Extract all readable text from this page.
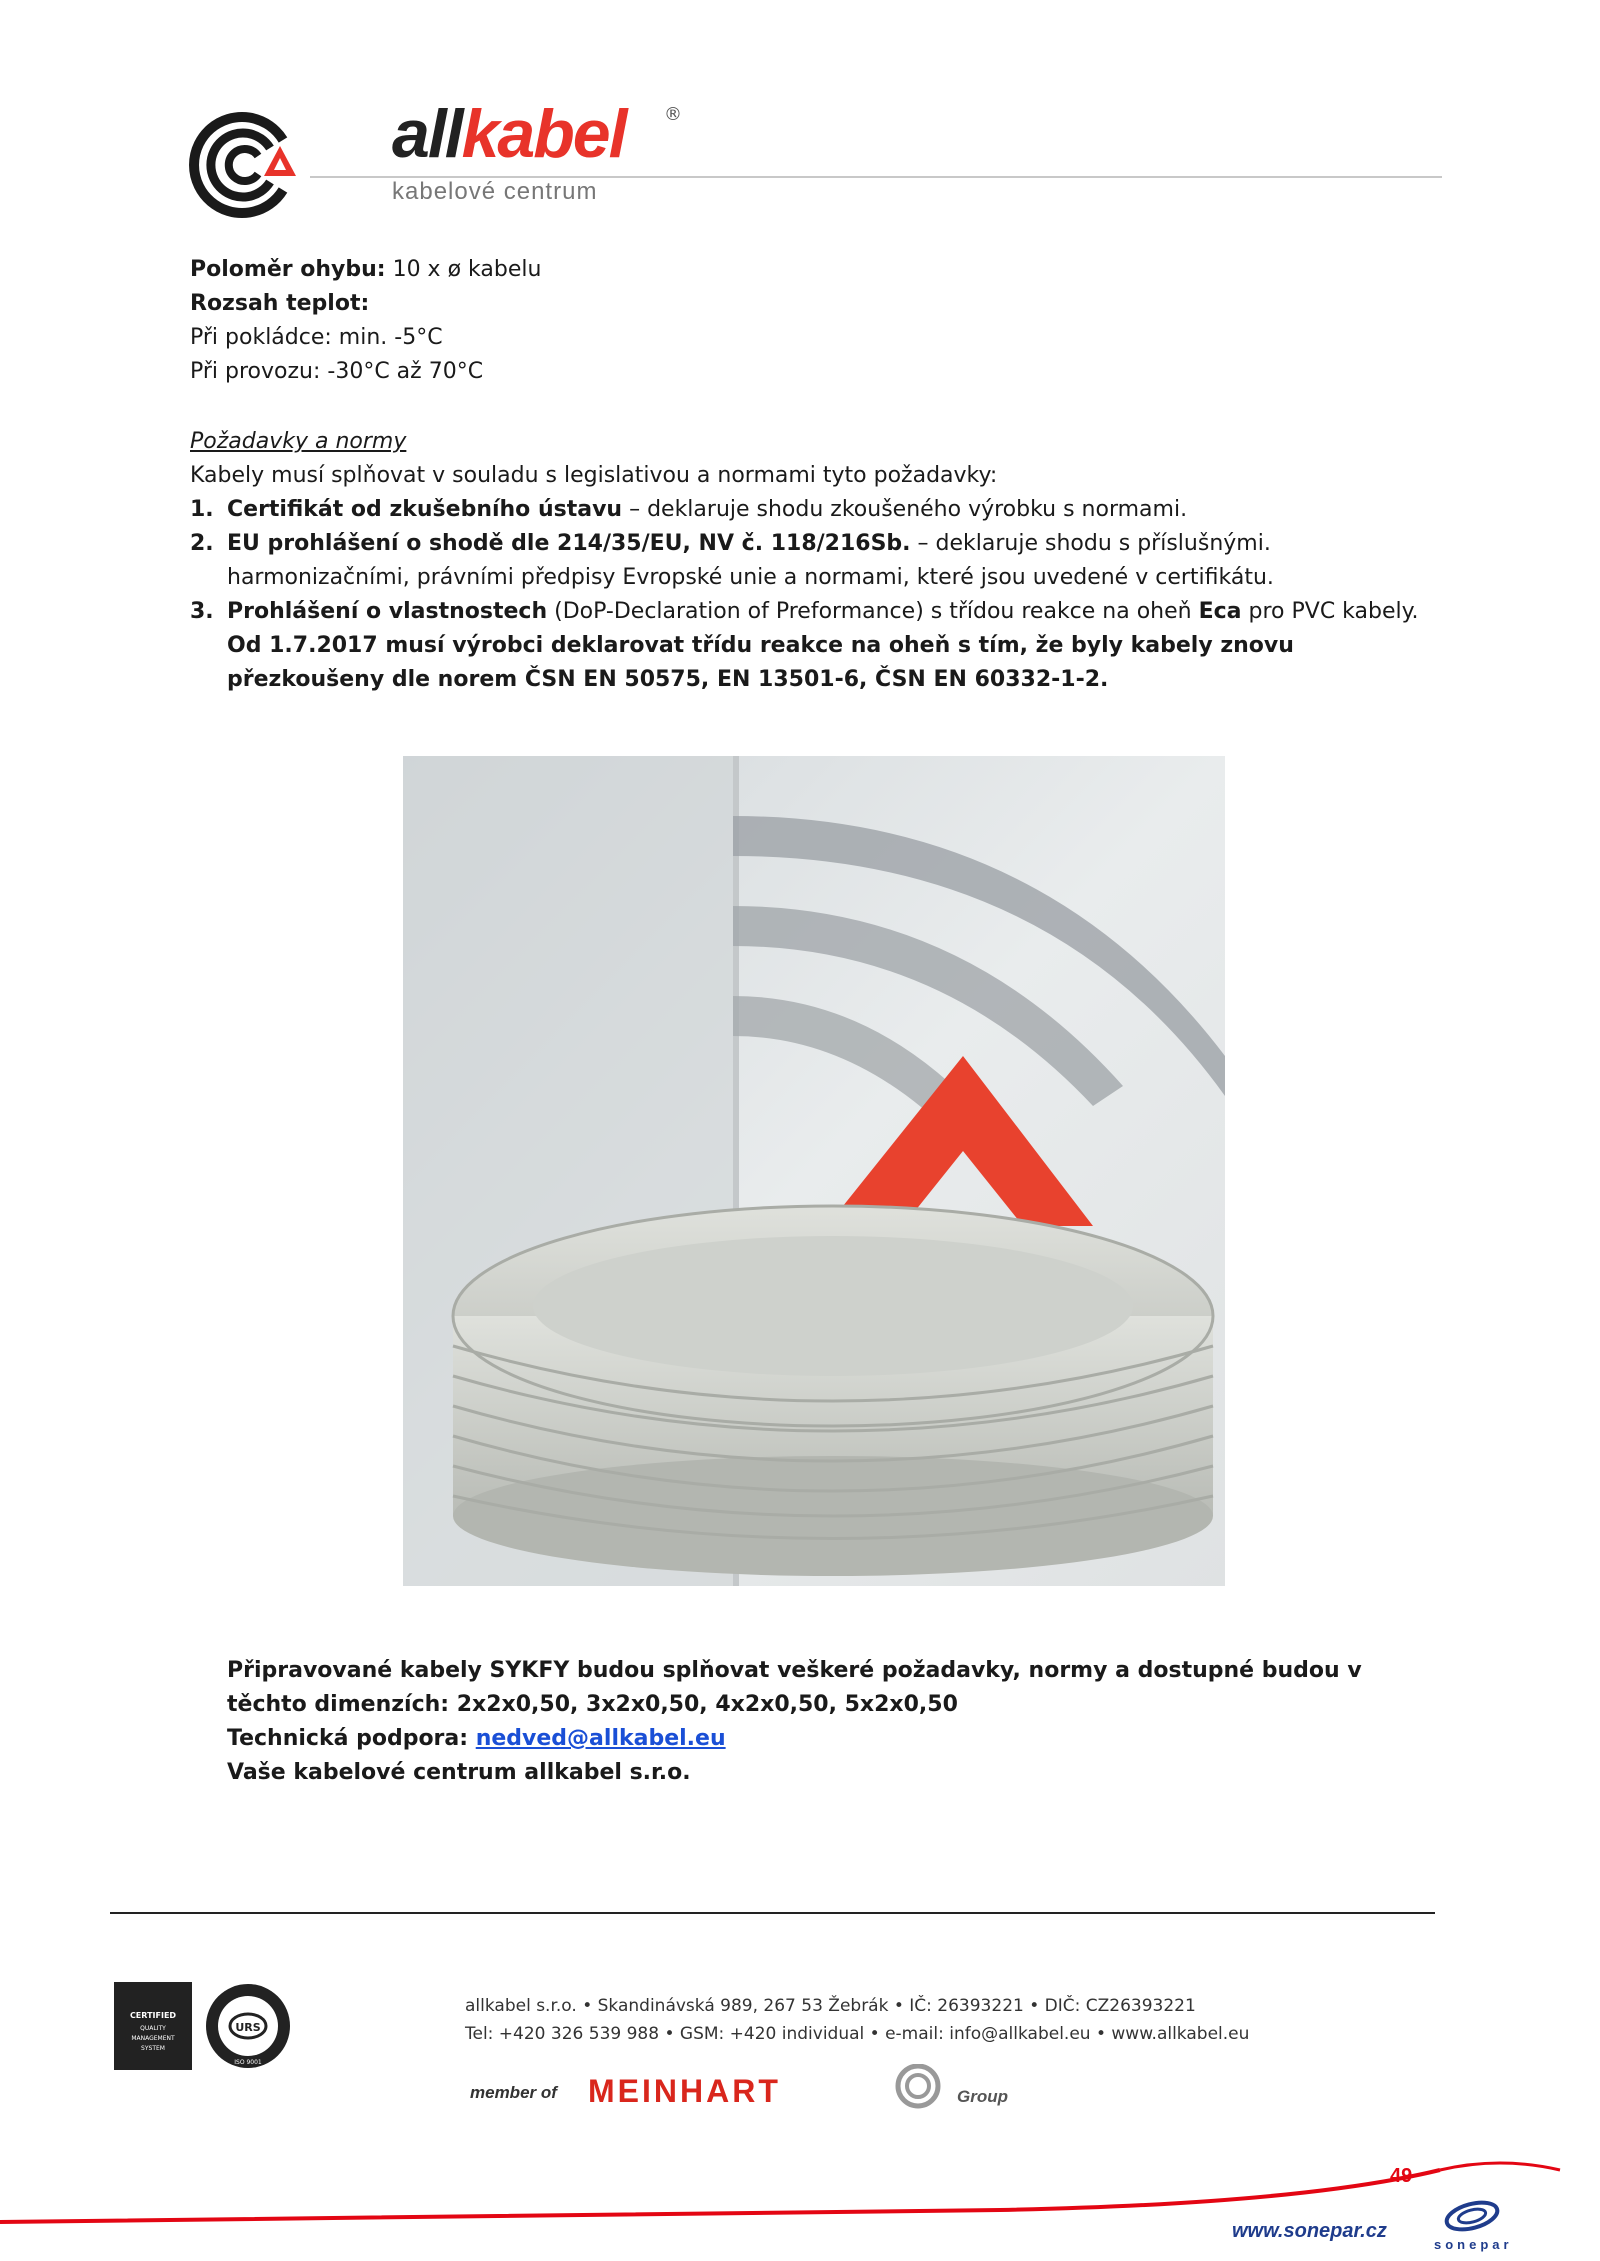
allkabel ®
kabelové centrum
Poloměr ohybu: 10 x ø kabelu
Rozsah teplot:
Při pokládce: min. -5°C
Při provozu: -30°C až 70°C
Požadavky a normy
Kabely musí splňovat v souladu s legislativou a normami tyto požadavky:
1. Certifikát od zkušebního ústavu – deklaruje shodu zkoušeného výrobku s normami.
2. EU prohlášení o shodě dle 214/35/EU, NV č. 118/216Sb. – deklaruje shodu s příslušnými. harmonizačními, právními předpisy Evropské unie a normami, které jsou uvedené v certifikátu.
3. Prohlášení o vlastnostech (DoP-Declaration of Preformance) s třídou reakce na oheň Eca pro PVC kabely.
Od 1.7.2017 musí výrobci deklarovat třídu reakce na oheň s tím, že byly kabely znovu přezkoušeny dle norem ČSN EN 50575, EN 13501-6, ČSN EN 60332-1-2.
Připravované kabely SYKFY budou splňovat veškeré požadavky, normy a dostupné budou v těchto dimenzích: 2x2x0,50, 3x2x0,50, 4x2x0,50, 5x2x0,50
Technická podpora: nedved@allkabel.eu
Vaše kabelové centrum allkabel s.r.o.
CERTIFIED
QUALITY
MANAGEMENT
SYSTEM
URS
ISO 9001
allkabel s.r.o. • Skandinávská 989, 267 53 Žebrák • IČ: 26393221 • DIČ: CZ26393221
Tel: +420 326 539 988 • GSM: +420 individual • e-mail: info@allkabel.eu • www.allkabel.eu
member of MEINHART	Group
49
www.sonepar.cz
sonepar
